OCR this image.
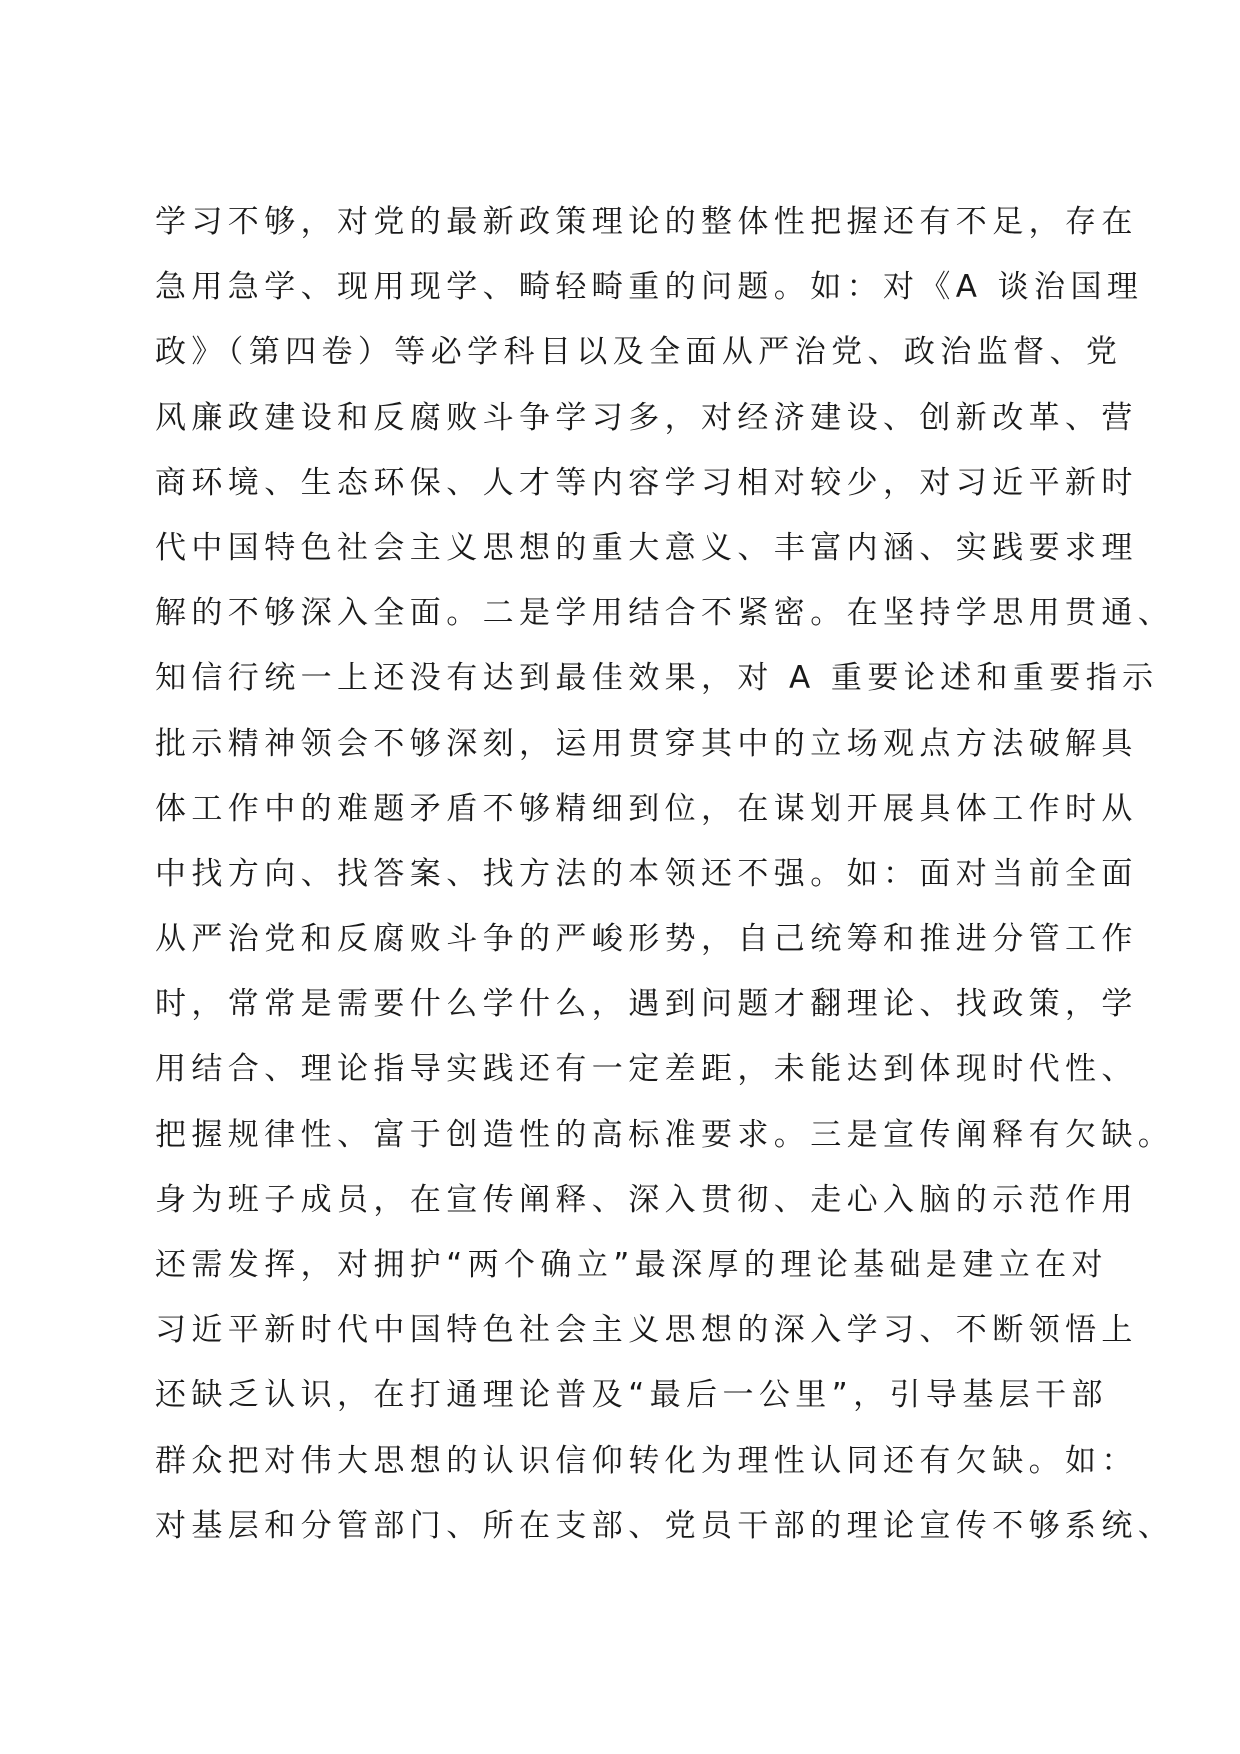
学习不够，对党的最新政策理论的整体性把握还有不足，存在
急用急学、现用现学、畸轻畸重的问题。如：对《A 谈治国理
政》（第四卷）等必学科目以及全面从严治党、政治监督、党
风廉政建设和反腐败斗争学习多，对经济建设、创新改革、营
商环境、生态环保、人才等内容学习相对较少，对习近平新时
代中国特色社会主义思想的重大意义、丰富内涵、实践要求理
解的不够深入全面。二是学用结合不紧密。在坚持学思用贯通、
知信行统一上还没有达到最佳效果，对 A 重要论述和重要指示
批示精神领会不够深刻，运用贯穿其中的立场观点方法破解具
体工作中的难题矛盾不够精细到位，在谋划开展具体工作时从
中找方向、找答案、找方法的本领还不强。如：面对当前全面
从严治党和反腐败斗争的严峻形势，自己统筹和推进分管工作
时，常常是需要什么学什么，遇到问题才翻理论、找政策，学
用结合、理论指导实践还有一定差距，未能达到体现时代性、
把握规律性、富于创造性的高标准要求。三是宣传阐释有欠缺。
身为班子成员，在宣传阐释、深入贯彻、走心入脑的示范作用
还需发挥，对拥护“两个确立”最深厚的理论基础是建立在对
习近平新时代中国特色社会主义思想的深入学习、不断领悟上
还缺乏认识，在打通理论普及“最后一公里”，引导基层干部
群众把对伟大思想的认识信仰转化为理性认同还有欠缺。如：
对基层和分管部门、所在支部、党员干部的理论宣传不够系统、
